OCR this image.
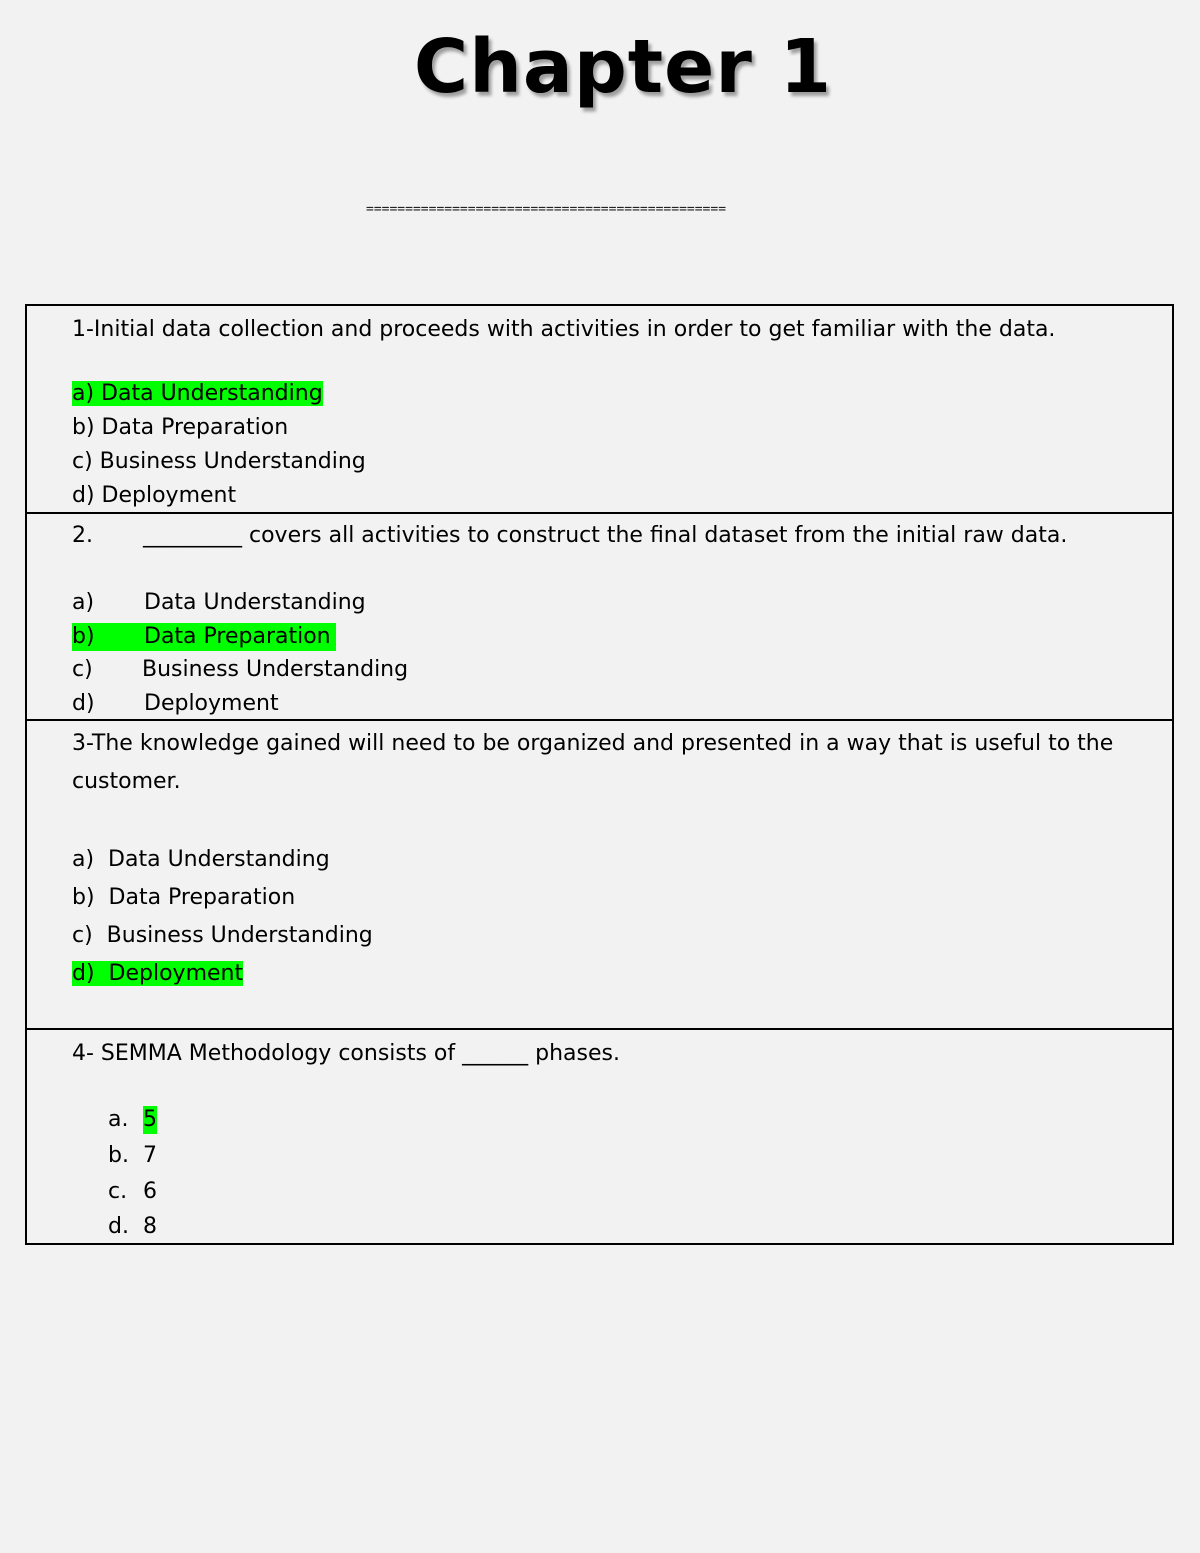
Chapter 1
==============================================
1-Initial data collection and proceeds with activities in order to get familiar with the data.
a) Data Understanding
b) Data Preparation
c) Business Understanding
d) Deployment
2. _________ covers all activities to construct the final dataset from the initial raw data.
a) Data Understanding
b) Data Preparation
c) Business Understanding
d) Deployment
3-The knowledge gained will need to be organized and presented in a way that is useful to the
customer.
a)  Data Understanding
b)  Data Preparation
c)  Business Understanding
d)  Deployment
4- SEMMA Methodology consists of ______ phases.
a. 5
b. 7
c. 6
d. 8
